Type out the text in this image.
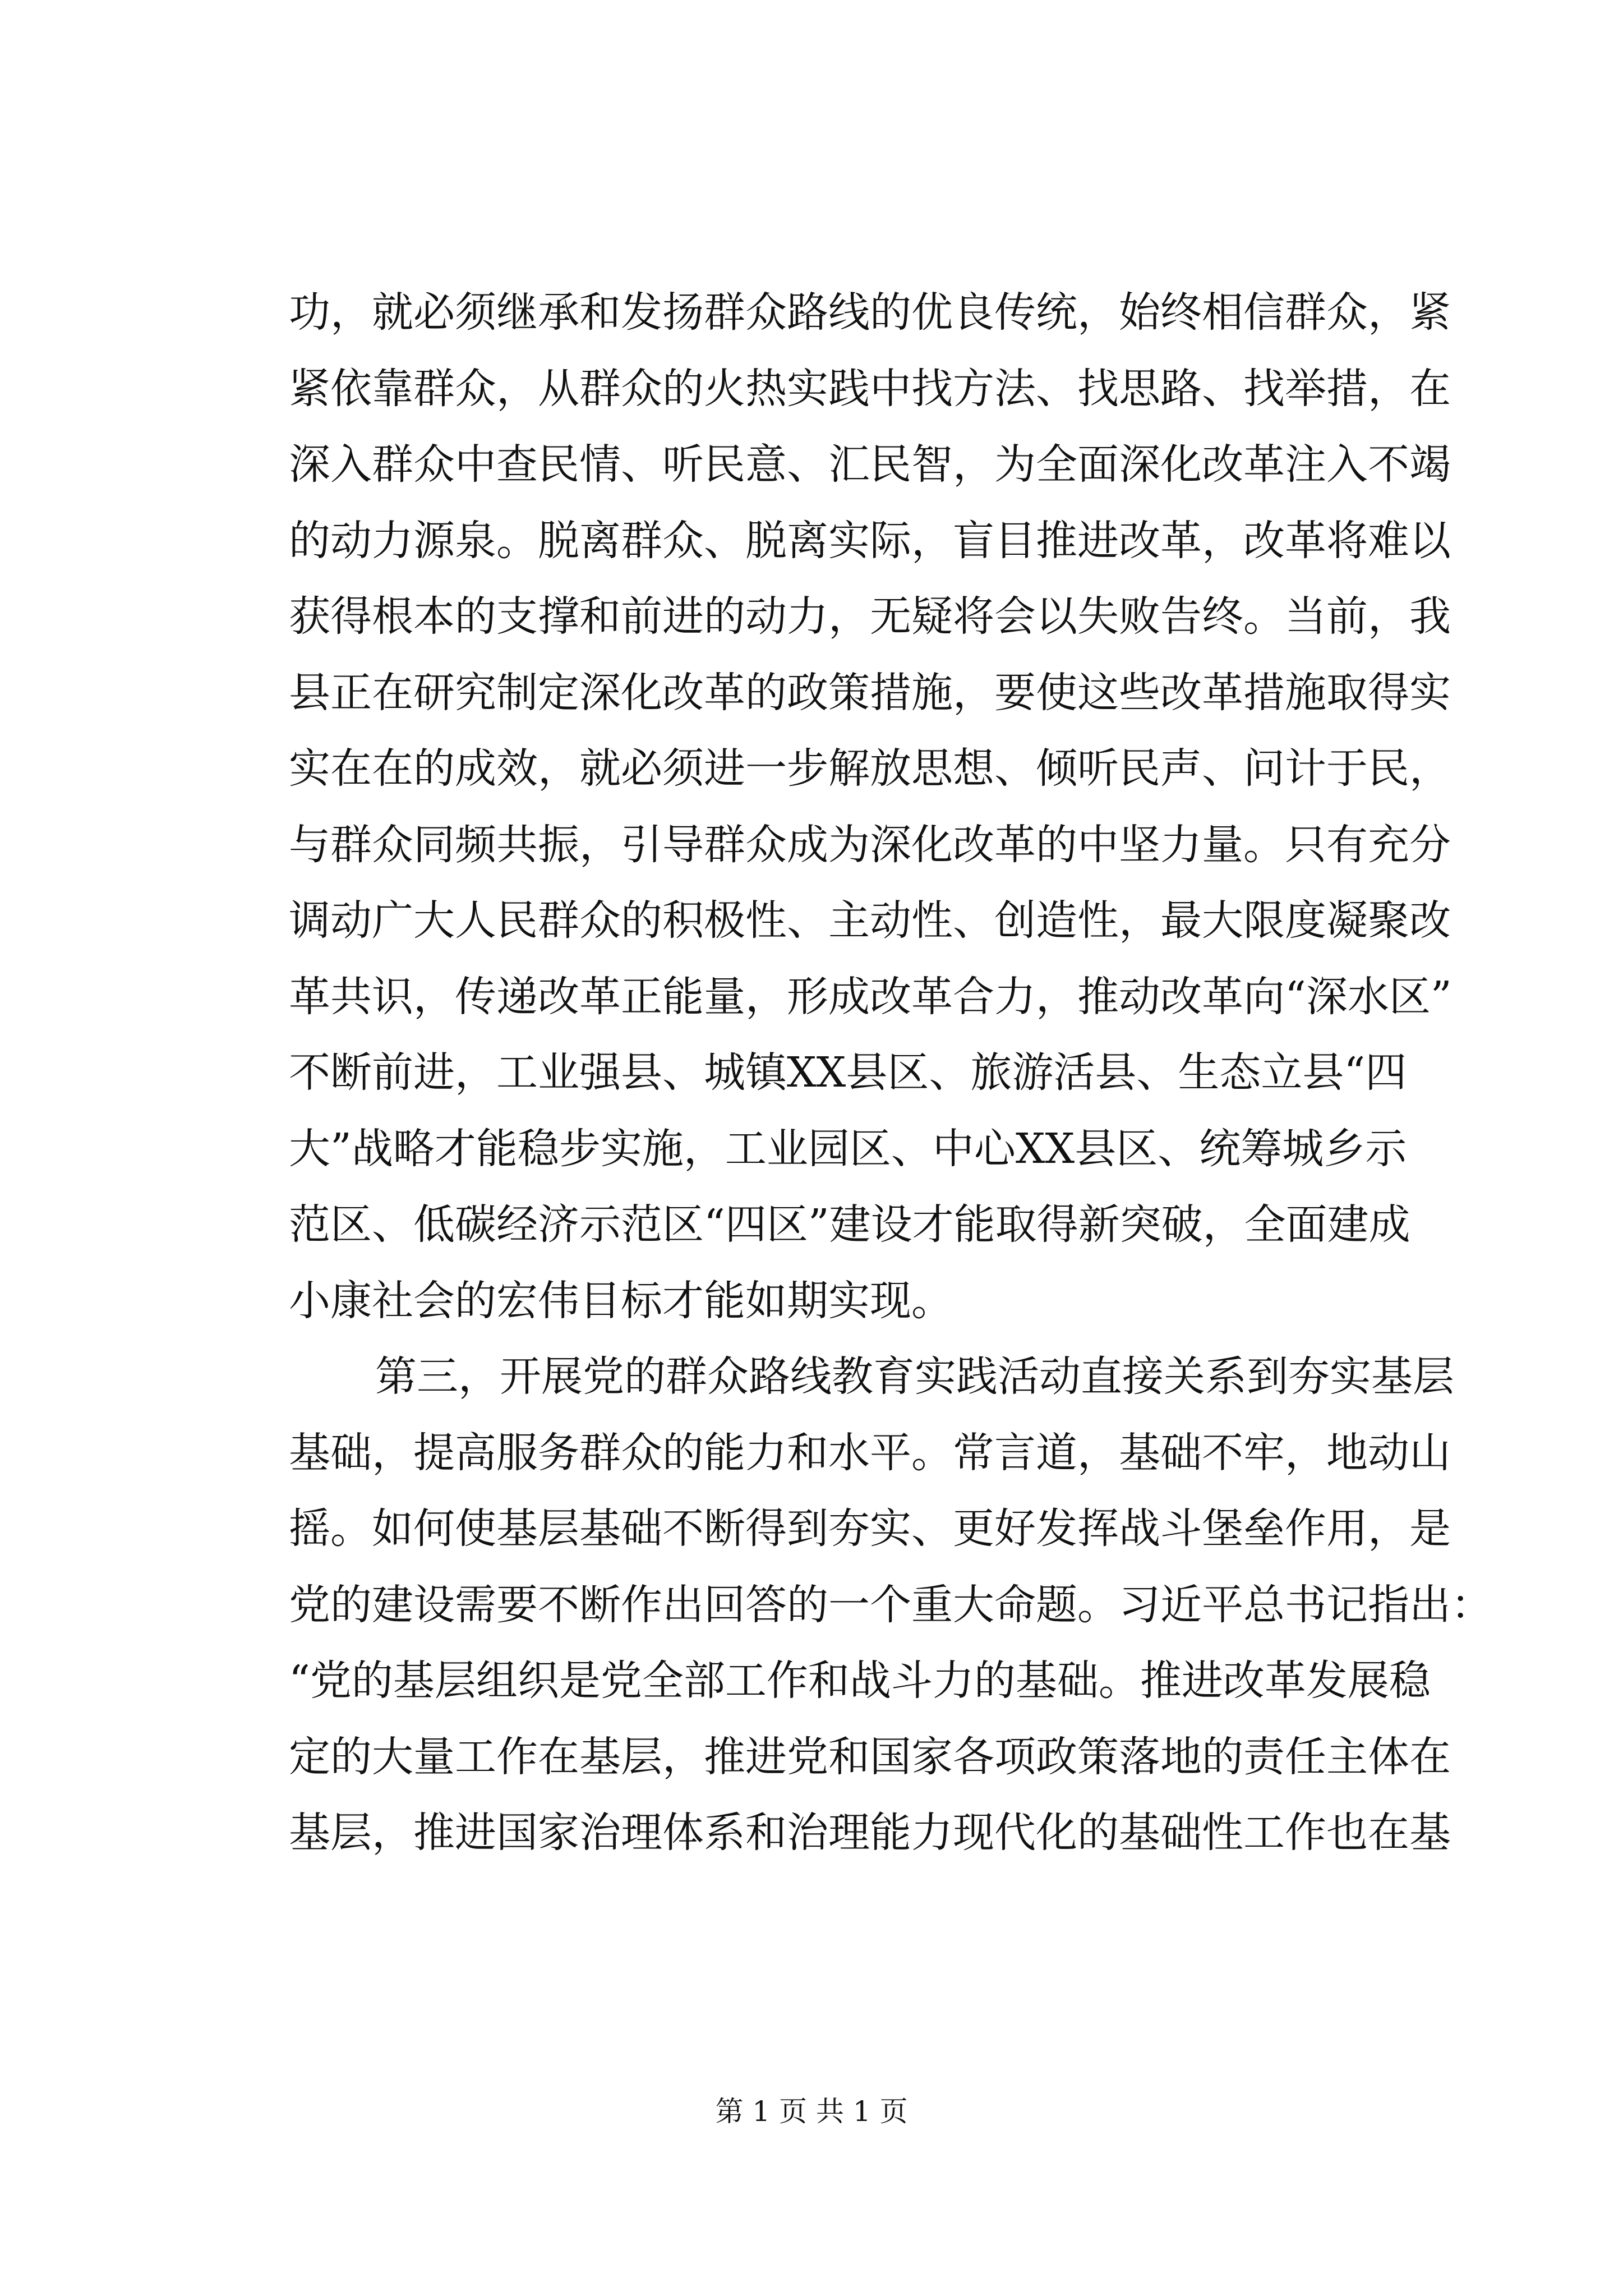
功，就必须继承和发扬群众路线的优良传统，始终相信群众，紧
紧依靠群众，从群众的火热实践中找方法、找思路、找举措，在
深入群众中查民情、听民意、汇民智，为全面深化改革注入不竭
的动力源泉。脱离群众、脱离实际，盲目推进改革，改革将难以
获得根本的支撑和前进的动力，无疑将会以失败告终。当前，我
县正在研究制定深化改革的政策措施，要使这些改革措施取得实
实在在的成效，就必须进一步解放思想、倾听民声、问计于民，
与群众同频共振，引导群众成为深化改革的中坚力量。只有充分
调动广大人民群众的积极性、主动性、创造性，最大限度凝聚改
革共识，传递改革正能量，形成改革合力，推动改革向“深水区”
不断前进，工业强县、城镇XX县区、旅游活县、生态立县“四
大”战略才能稳步实施，工业园区、中心XX县区、统筹城乡示
范区、低碳经济示范区“四区”建设才能取得新突破，全面建成
小康社会的宏伟目标才能如期实现。
第三，开展党的群众路线教育实践活动直接关系到夯实基层
基础，提高服务群众的能力和水平。常言道，基础不牢，地动山
摇。如何使基层基础不断得到夯实、更好发挥战斗堡垒作用，是
党的建设需要不断作出回答的一个重大命题。习近平总书记指出：
“党的基层组织是党全部工作和战斗力的基础。推进改革发展稳
定的大量工作在基层，推进党和国家各项政策落地的责任主体在
基层，推进国家治理体系和治理能力现代化的基础性工作也在基
第 1 页 共 1 页
